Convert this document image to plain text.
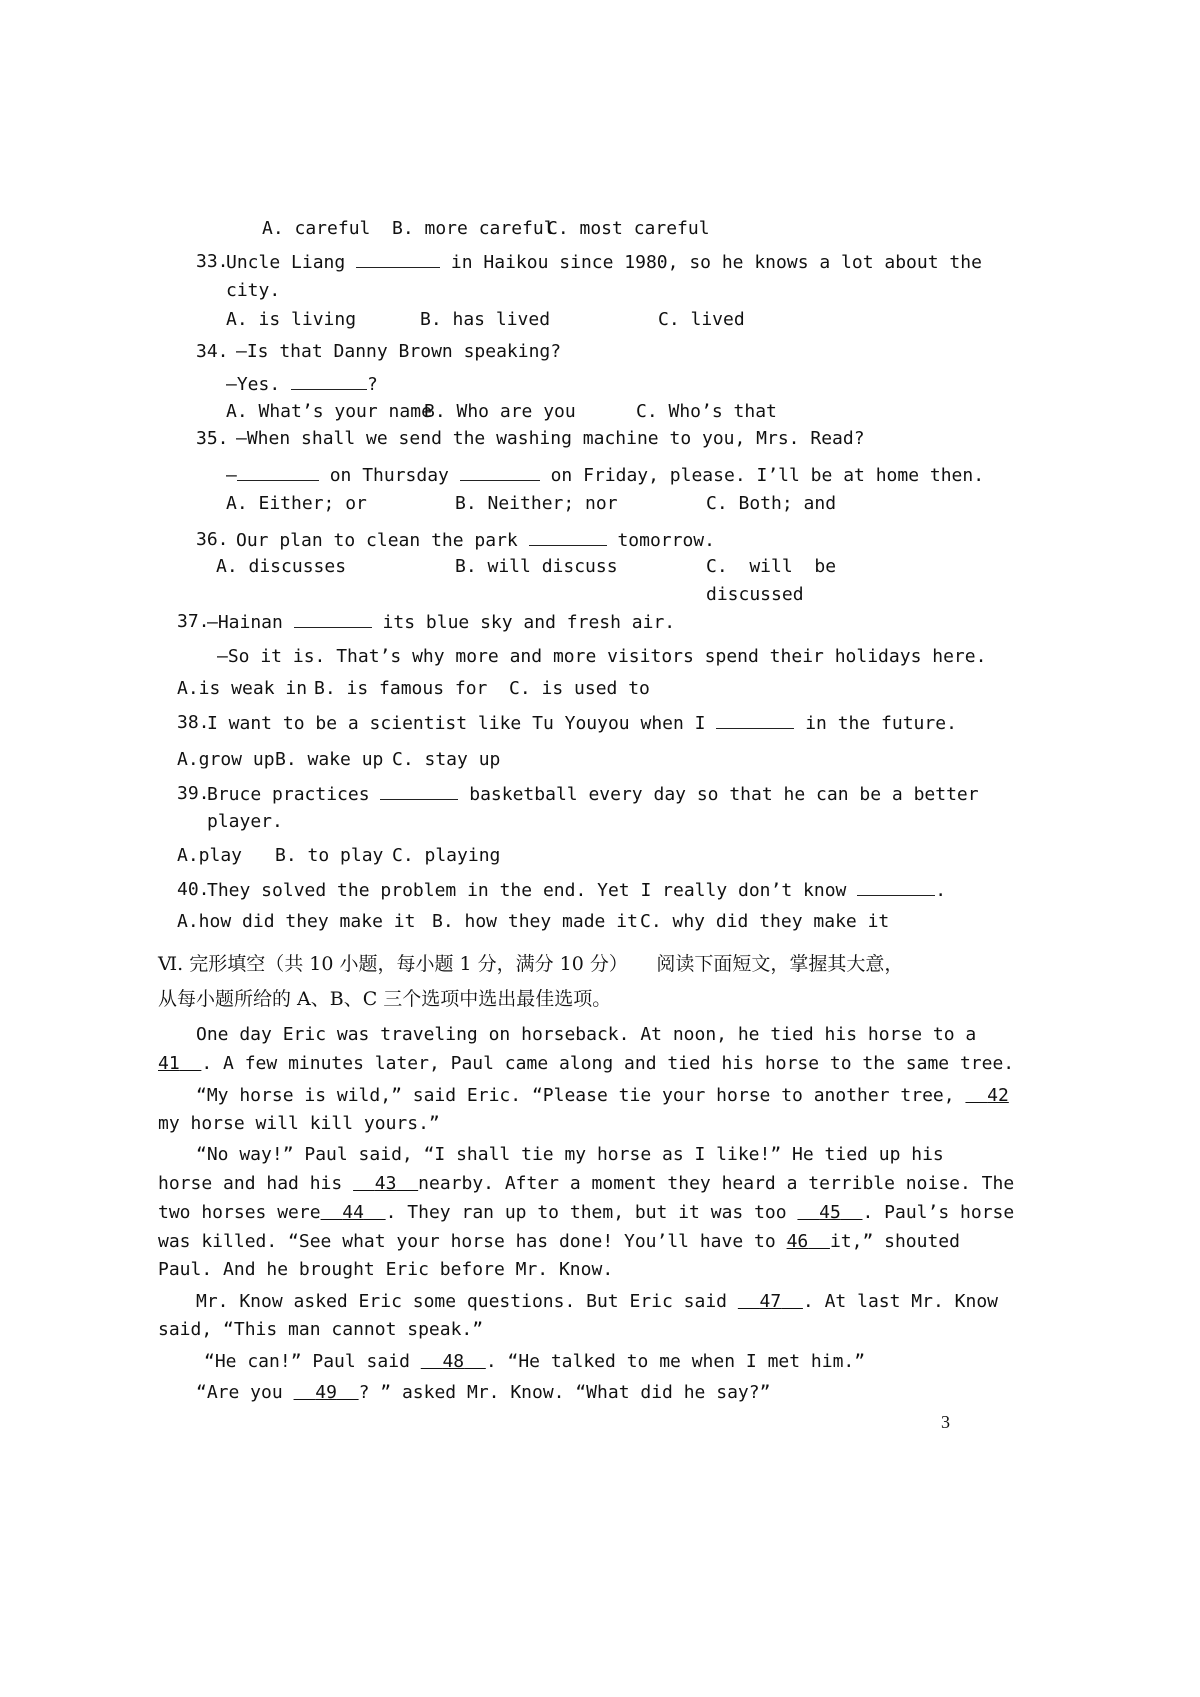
A. careful B. more careful
C. most careful
33.
Uncle Liang	in Haikou since 1980, so he knows a lot about the
city.
A. is living	B. has lived	C. lived
34. —Is that Danny Brown speaking?
—Yes.	?
A. What’s your name
B. Who are you	C. Who’s that
35. —When shall we send the washing machine to you, Mrs. Read?
—	on Thursday	on Friday, please. I’ll be at home then.
A. Either; or	B. Neither; nor	C. Both; and
36. Our plan to clean the park	tomorrow.
A. discusses	B. will discuss	C.  will  be
discussed
37.
—Hainan	its blue sky and fresh air.
—So it is. That’s why more and more visitors spend their holidays here.
A.is weak in B. is famous for C. is used to
38.
I want to be a scientist like Tu Youyou when I	in the future.
A.grow up B. wake up C. stay up
39.
Bruce practices	basketball every day so that he can be a better
player.
A.play B. to play C. playing
40.
They solved the problem in the end. Yet I really don’t know	.
A.how did they make it B. how they made it C. why did they make it
Ⅵ. 完形填空（共 10 小题，每小题 1 分，满分 10 分）　　阅读下面短文，掌握其大意，
从每小题所给的 A、B、C 三个选项中选出最佳选项。
One day Eric was traveling on horseback. At noon, he tied his horse to a
41 . A few minutes later, Paul came along and tied his horse to the same tree.
“My horse is wild,” said Eric. “Please tie your horse to another tree, 42
my horse will kill yours.”
“No way!” Paul said, “I shall tie my horse as I like!” He tied up his
horse and had his 43 nearby. After a moment they heard a terrible noise. The
two horses were 44 . They ran up to them, but it was too 45 . Paul’s horse
was killed. “See what your horse has done! You’ll have to 46 it,” shouted
Paul. And he brought Eric before Mr. Know.
Mr. Know asked Eric some questions. But Eric said 47 . At last Mr. Know
said, “This man cannot speak.”
“He can!” Paul said 48 . “He talked to me when I met him.”
“Are you 49 ? ” asked Mr. Know. “What did he say?”
3
